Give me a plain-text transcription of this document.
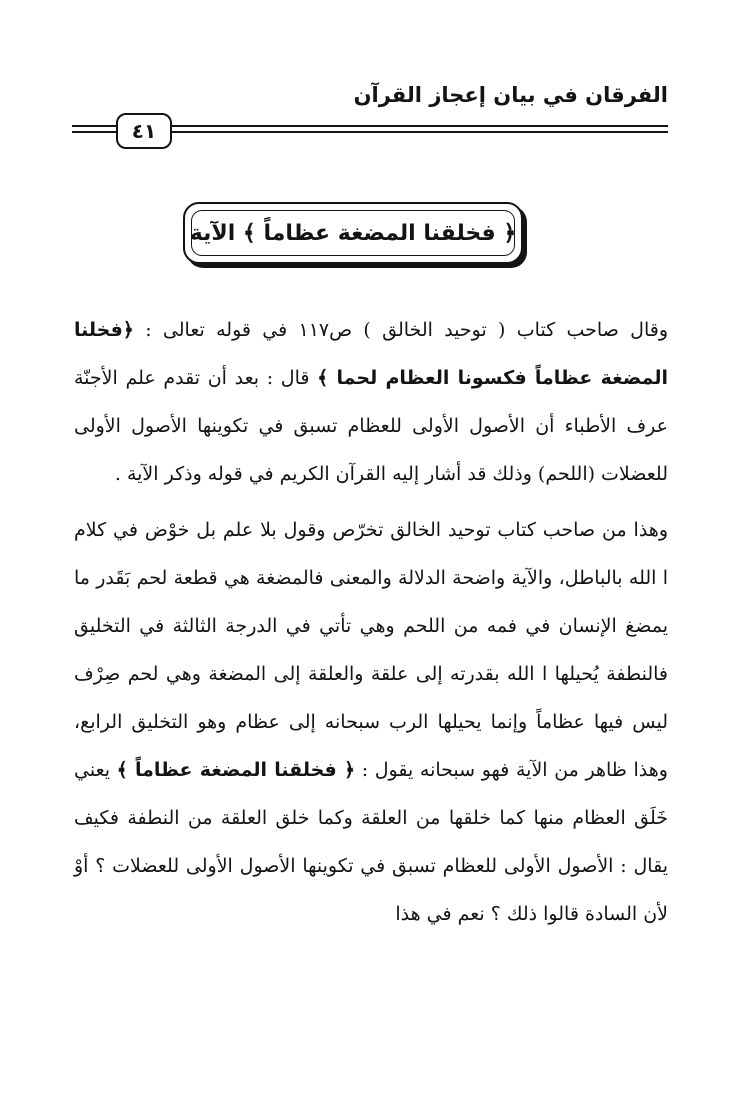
الفرقان في بيان إعجاز القرآن
٤١
﴿ فخلقنا المضغة عظاماً ﴾ الآية

وقال صاحب كتاب ( توحيد الخالق ) ص١١٧ في قوله تعالى : ﴿فخلنا المضغة عظاماً فكسونا العظام لحما ﴾ قال : بعد أن تقدم علم الأجنّة عرف الأطباء أن الأصول الأولى للعظام تسبق في تكوينها الأصول الأولى للعضلات (اللحم) وذلك قد أشار إليه القرآن الكريم في قوله وذكر الآية .

وهذا من صاحب كتاب توحيد الخالق تخرّص وقول بلا علم بل خوْض في كلام ا الله بالباطل، والآية واضحة الدلالة والمعنى فالمضغة هي قطعة لحم بَقَدر ما يمضغ الإنسان في فمه من اللحم وهي تأتي في الدرجة الثالثة في التخليق فالنطفة يُحيلها ا الله بقدرته إلى علقة والعلقة إلى المضغة وهي لحم صِرْف ليس فيها عظاماً وإنما يحيلها الرب سبحانه إلى عظام وهو التخليق الرابع، وهذا ظاهر من الآية فهو سبحانه يقول : ﴿ فخلقنا المضغة عظاماً ﴾ يعني خَلَق العظام منها كما خلقها من العلقة وكما خلق العلقة من النطفة فكيف يقال : الأصول الأولى للعظام تسبق في تكوينها الأصول الأولى للعضلات ؟ أوْ لأن السادة قالوا ذلك ؟ نعم في هذا
